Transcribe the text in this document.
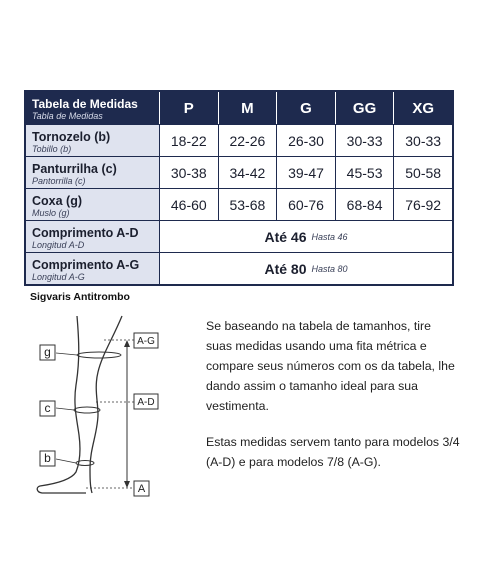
Tabela de Medidas
Tabla de Medidas	P	M	G	GG	XG
Tornozelo (b)
Tobillo (b)	18-22	22-26	26-30	30-33	30-33
Panturrilha (c)
Pantorrilla (c)	30-38	34-42	39-47	45-53	50-58
Coxa (g)
Muslo (g)	46-60	53-68	60-76	68-84	76-92
Comprimento A-D
Longitud A-D	Até 46 Hasta 46
Comprimento A-G
Longitud A-G	Até 80 Hasta 80
Sigvaris Antitrombo
g
c
b
A-G
A-D
A

Se baseando na tabela de tamanhos, tire suas medidas usando uma fita métrica e compare seus números com os da tabela, lhe dando assim o tamanho ideal para sua vestimenta.

Estas medidas servem tanto para modelos 3/4 (A-D) e para modelos 7/8 (A-G).
